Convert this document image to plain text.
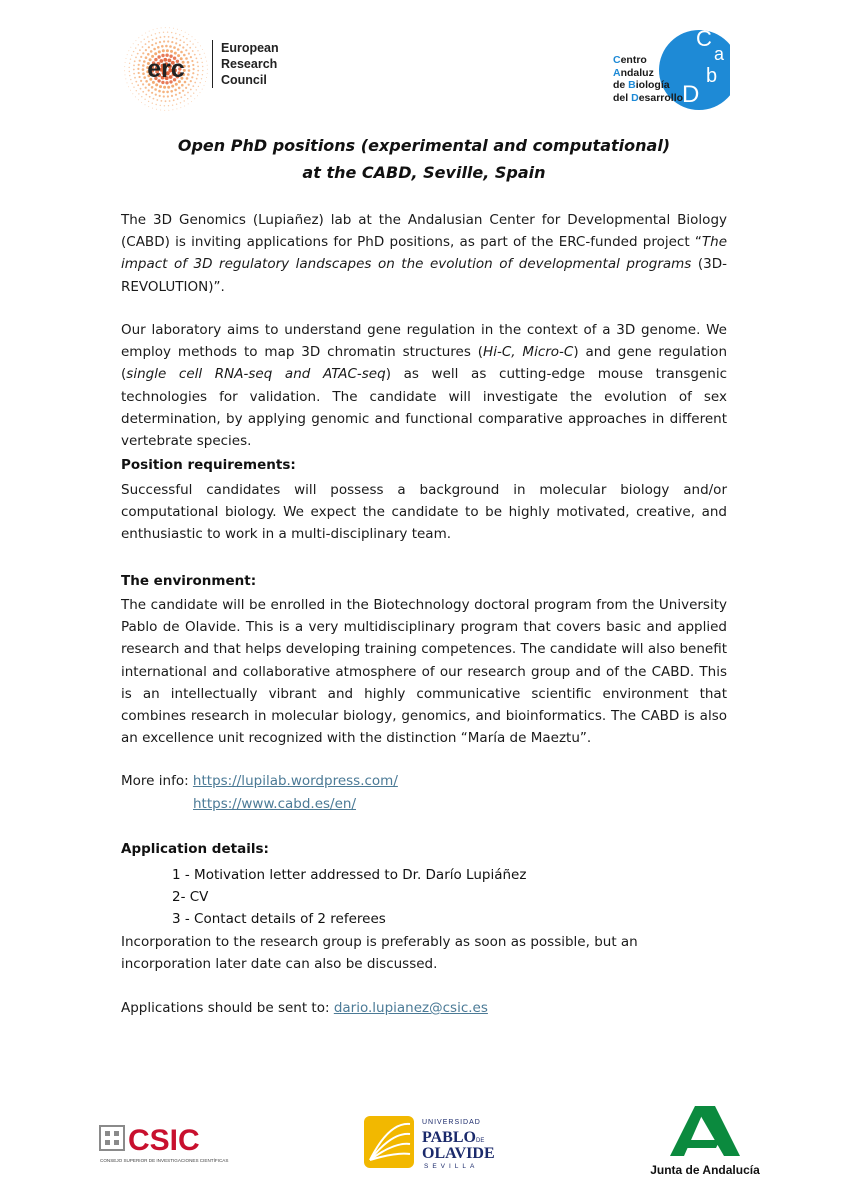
erc
European
Research
Council
C
a
b
D
Centro
Andaluz
de Biología
del Desarrollo
Open PhD positions (experimental and computational)
at the CABD, Seville, Spain
The 3D Genomics (Lupiañez) lab at the Andalusian Center for Developmental Biology (CABD) is inviting applications for PhD positions, as part of the ERC-funded project “The impact of 3D regulatory landscapes on the evolution of developmental programs (3D-REVOLUTION)”.
Our laboratory aims to understand gene regulation in the context of a 3D genome. We employ methods to map 3D chromatin structures (Hi-C, Micro-C) and gene regulation (single cell RNA-seq and ATAC-seq) as well as cutting-edge mouse transgenic technologies for validation. The candidate will investigate the evolution of sex determination, by applying genomic and functional comparative approaches in different vertebrate species.
Position requirements:
Successful candidates will possess a background in molecular biology and/or computational biology. We expect the candidate to be highly motivated, creative, and enthusiastic to work in a multi-disciplinary team.
The environment:
The candidate will be enrolled in the Biotechnology doctoral program from the University Pablo de Olavide. This is a very multidisciplinary program that covers basic and applied research and that helps developing training competences. The candidate will also benefit international and collaborative atmosphere of our research group and of the CABD. This is an intellectually vibrant and highly communicative scientific environment that combines research in molecular biology, genomics, and bioinformatics. The CABD is also an excellence unit recognized with the distinction “María de Maeztu”.
More info: https://lupilab.wordpress.com/
https://www.cabd.es/en/
Application details:
1 - Motivation letter addressed to Dr. Darío Lupiáñez
2- CV
3 - Contact details of 2 referees
Incorporation to the research group is preferably as soon as possible, but an incorporation later date can also be discussed.
Applications should be sent to: dario.lupianez@csic.es
CSIC
CONSEJO SUPERIOR DE INVESTIGACIONES CIENTÍFICAS
UNIVERSIDAD
PABLO DE
OLAVIDE
SEVILLA	Junta de Andalucía
